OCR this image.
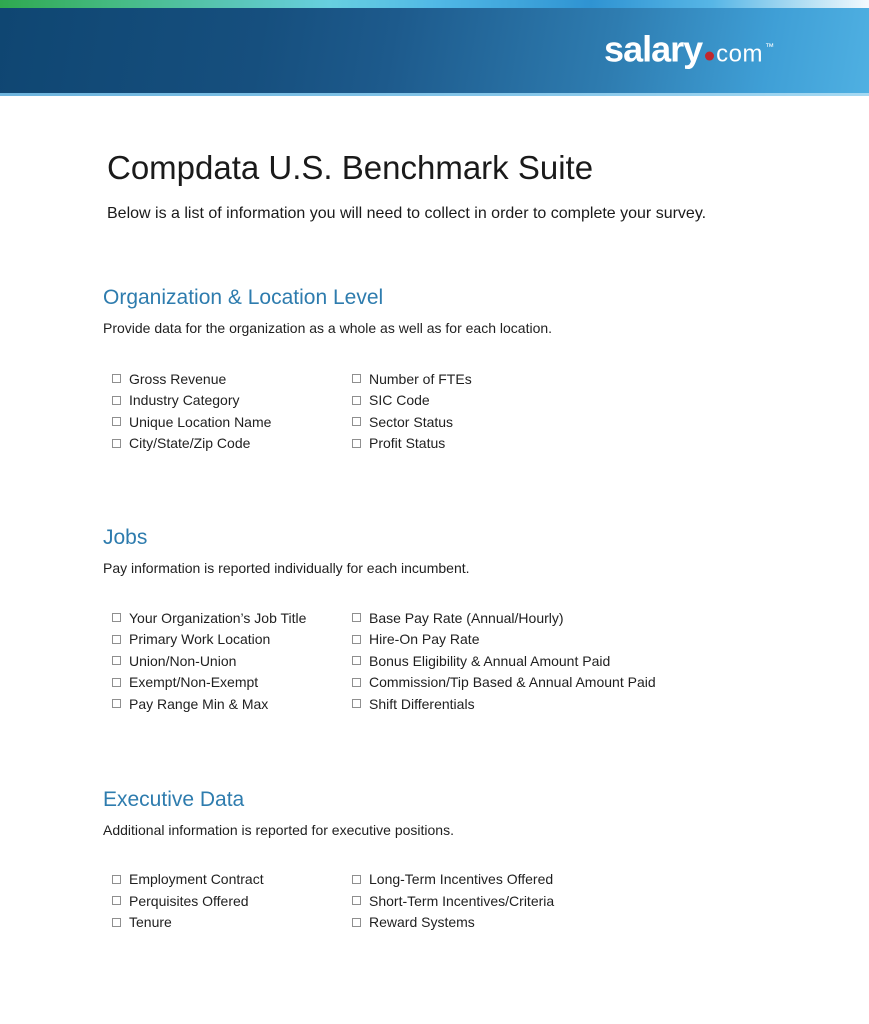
salary com ™
Compdata U.S. Benchmark Suite

Below is a list of information you will need to collect in order to complete your survey.

Organization & Location Level

Provide data for the organization as a whole as well as for each location.

Gross Revenue
Industry Category
Unique Location Name
City/State/Zip Code
Number of FTEs
SIC Code
Sector Status
Profit Status
Jobs

Pay information is reported individually for each incumbent.

Your Organization’s Job Title
Primary Work Location
Union/Non-Union
Exempt/Non-Exempt
Pay Range Min & Max
Base Pay Rate (Annual/Hourly)
Hire-On Pay Rate
Bonus Eligibility & Annual Amount Paid
Commission/Tip Based & Annual Amount Paid
Shift Differentials
Executive Data

Additional information is reported for executive positions.

Employment Contract
Perquisites Offered
Tenure
Long-Term Incentives Offered
Short-Term Incentives/Criteria
Reward Systems
